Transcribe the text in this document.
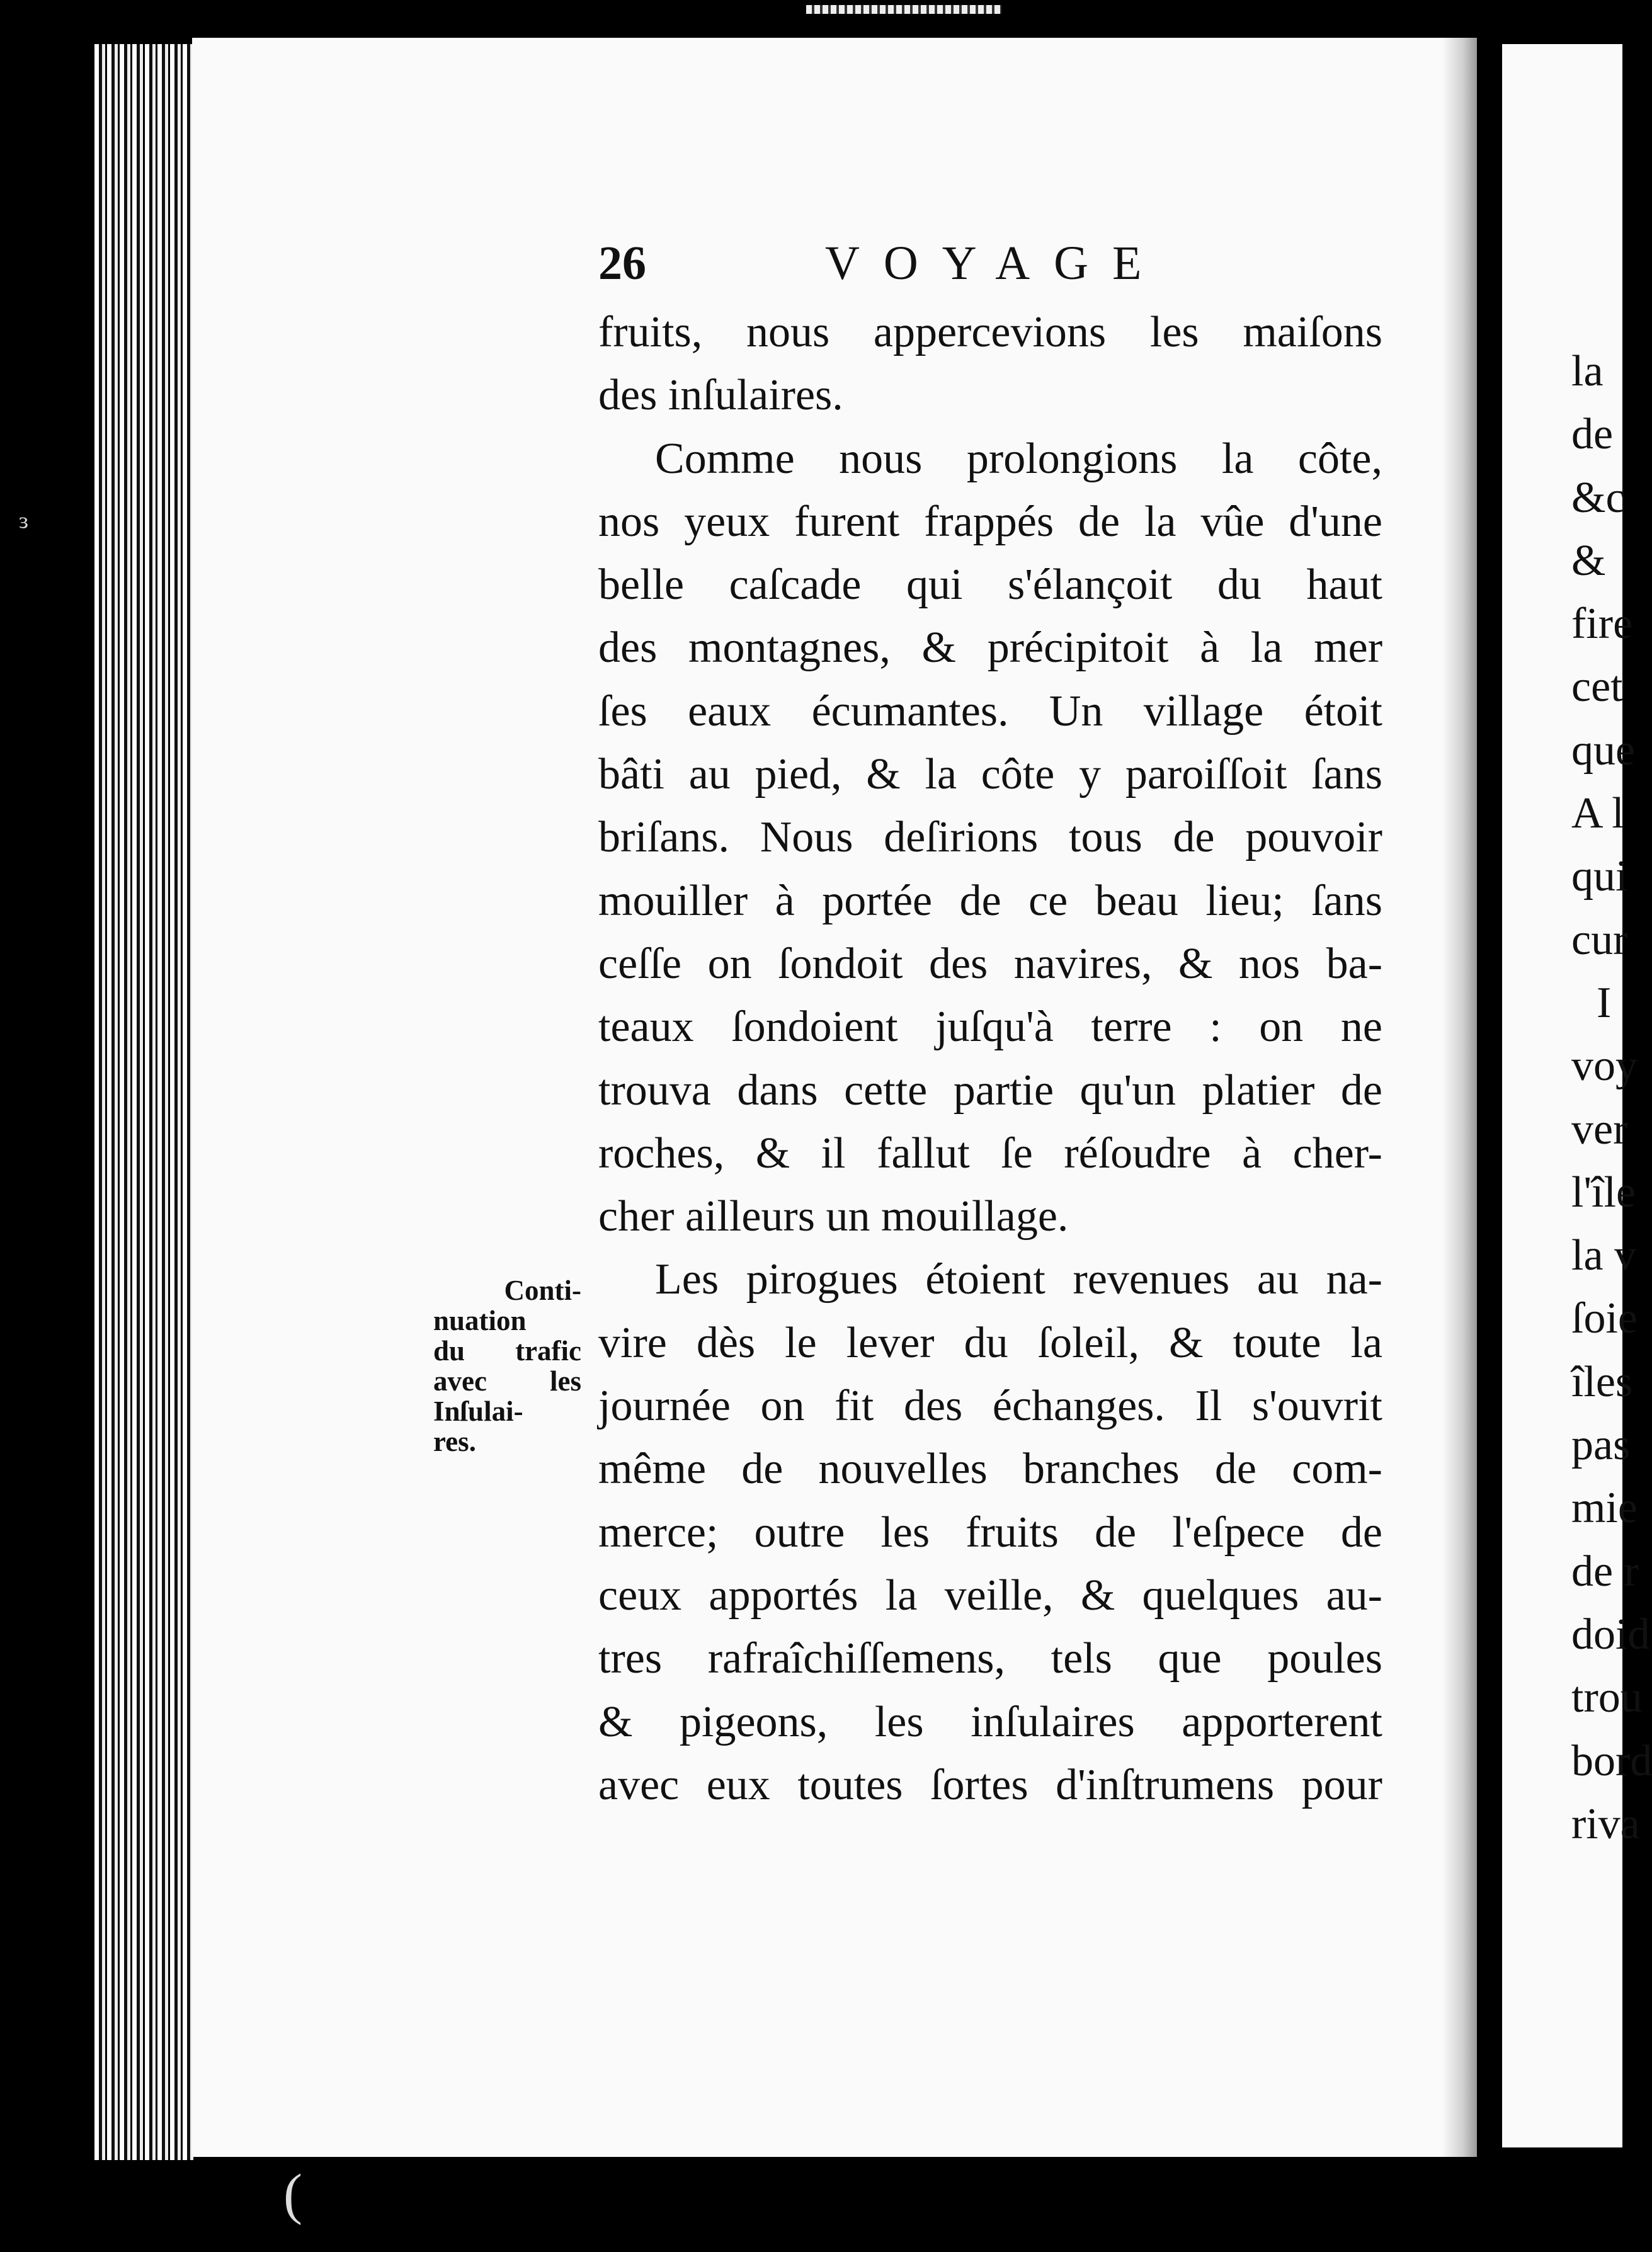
la
de
&c
&
fire
cet
que
A l
qui
cur
I
voy
ver
l'île
la v
ſoie
îles
pas
mie
de r
doid
trou
bord
riva
(
ᶟ
26	VOYAGE
Conti-
nuation
du trafic
avec les
Inſulai-
res.
fruits, nous appercevions les maiſons
des inſulaires.
Comme nous prolongions la côte,
nos yeux furent frappés de la vûe d'une
belle caſcade qui s'élançoit du haut
des montagnes, & précipitoit à la mer
ſes eaux écumantes. Un village étoit
bâti au pied, & la côte y paroiſſoit ſans
briſans. Nous deſirions tous de pouvoir
mouiller à portée de ce beau lieu; ſans
ceſſe on ſondoit des navires, & nos ba-
teaux ſondoient juſqu'à terre : on ne
trouva dans cette partie qu'un platier de
roches, & il fallut ſe réſoudre à cher-
cher ailleurs un mouillage.
Les pirogues étoient revenues au na-
vire dès le lever du ſoleil, & toute la
journée on fit des échanges. Il s'ouvrit
même de nouvelles branches de com-
merce; outre les fruits de l'eſpece de
ceux apportés la veille, & quelques au-
tres rafraîchiſſemens, tels que poules
& pigeons, les inſulaires apporterent
avec eux toutes ſortes d'inſtrumens pour
